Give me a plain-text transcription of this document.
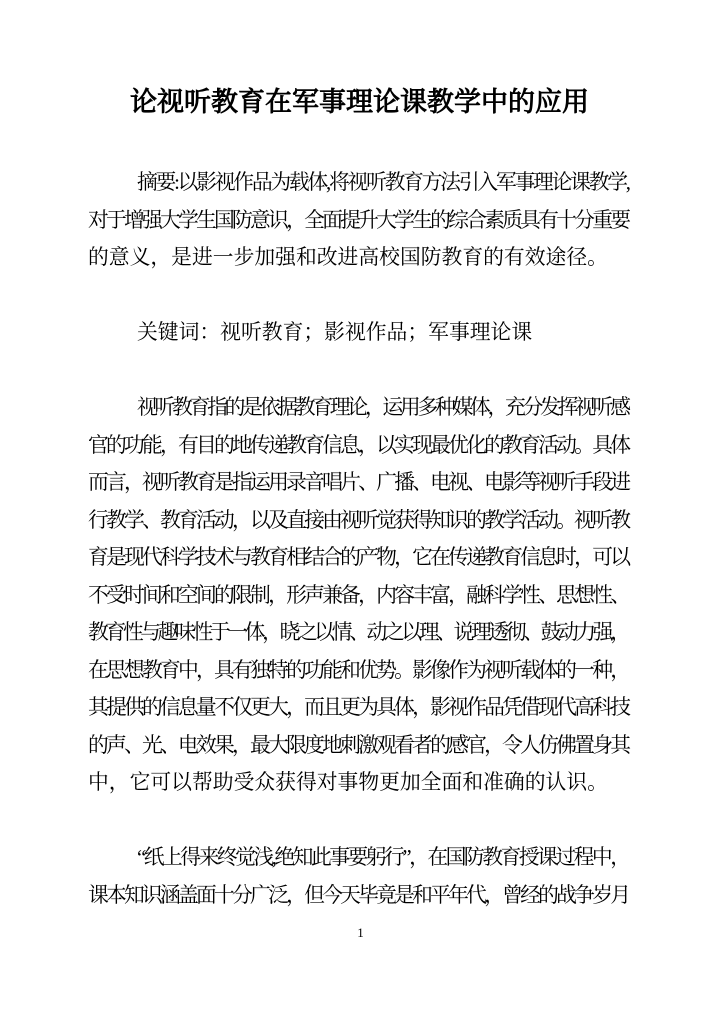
论视听教育在军事理论课教学中的应用
摘要:以影视作品为载体,将视听教育方法引入军事理论课教学,
对于增强大学生国防意识，全面提升大学生的综合素质具有十分重要
的意义，是进一步加强和改进高校国防教育的有效途径。
关键词：视听教育；影视作品；军事理论课
视听教育指的是依据教育理论，运用多种媒体，充分发挥视听感
官的功能，有目的地传递教育信息，以实现最优化的教育活动。具体
而言，视听教育是指运用录音唱片、广播、电视、电影等视听手段进
行教学、教育活动，以及直接由视听觉获得知识的教学活动。视听教
育是现代科学技术与教育相结合的产物，它在传递教育信息时，可以
不受时间和空间的限制，形声兼备，内容丰富，融科学性、思想性、
教育性与趣味性于一体，晓之以情、动之以理、说理透彻、鼓动力强，
在思想教育中，具有独特的功能和优势。影像作为视听载体的一种，
其提供的信息量不仅更大，而且更为具体，影视作品凭借现代高科技
的声、光、电效果，最大限度地刺激观看者的感官，令人仿佛置身其
中，它可以帮助受众获得对事物更加全面和准确的认识。
“纸上得来终觉浅,绝知此事要躬行”，在国防教育授课过程中，
课本知识涵盖面十分广泛，但今天毕竟是和平年代，曾经的战争岁月
1
